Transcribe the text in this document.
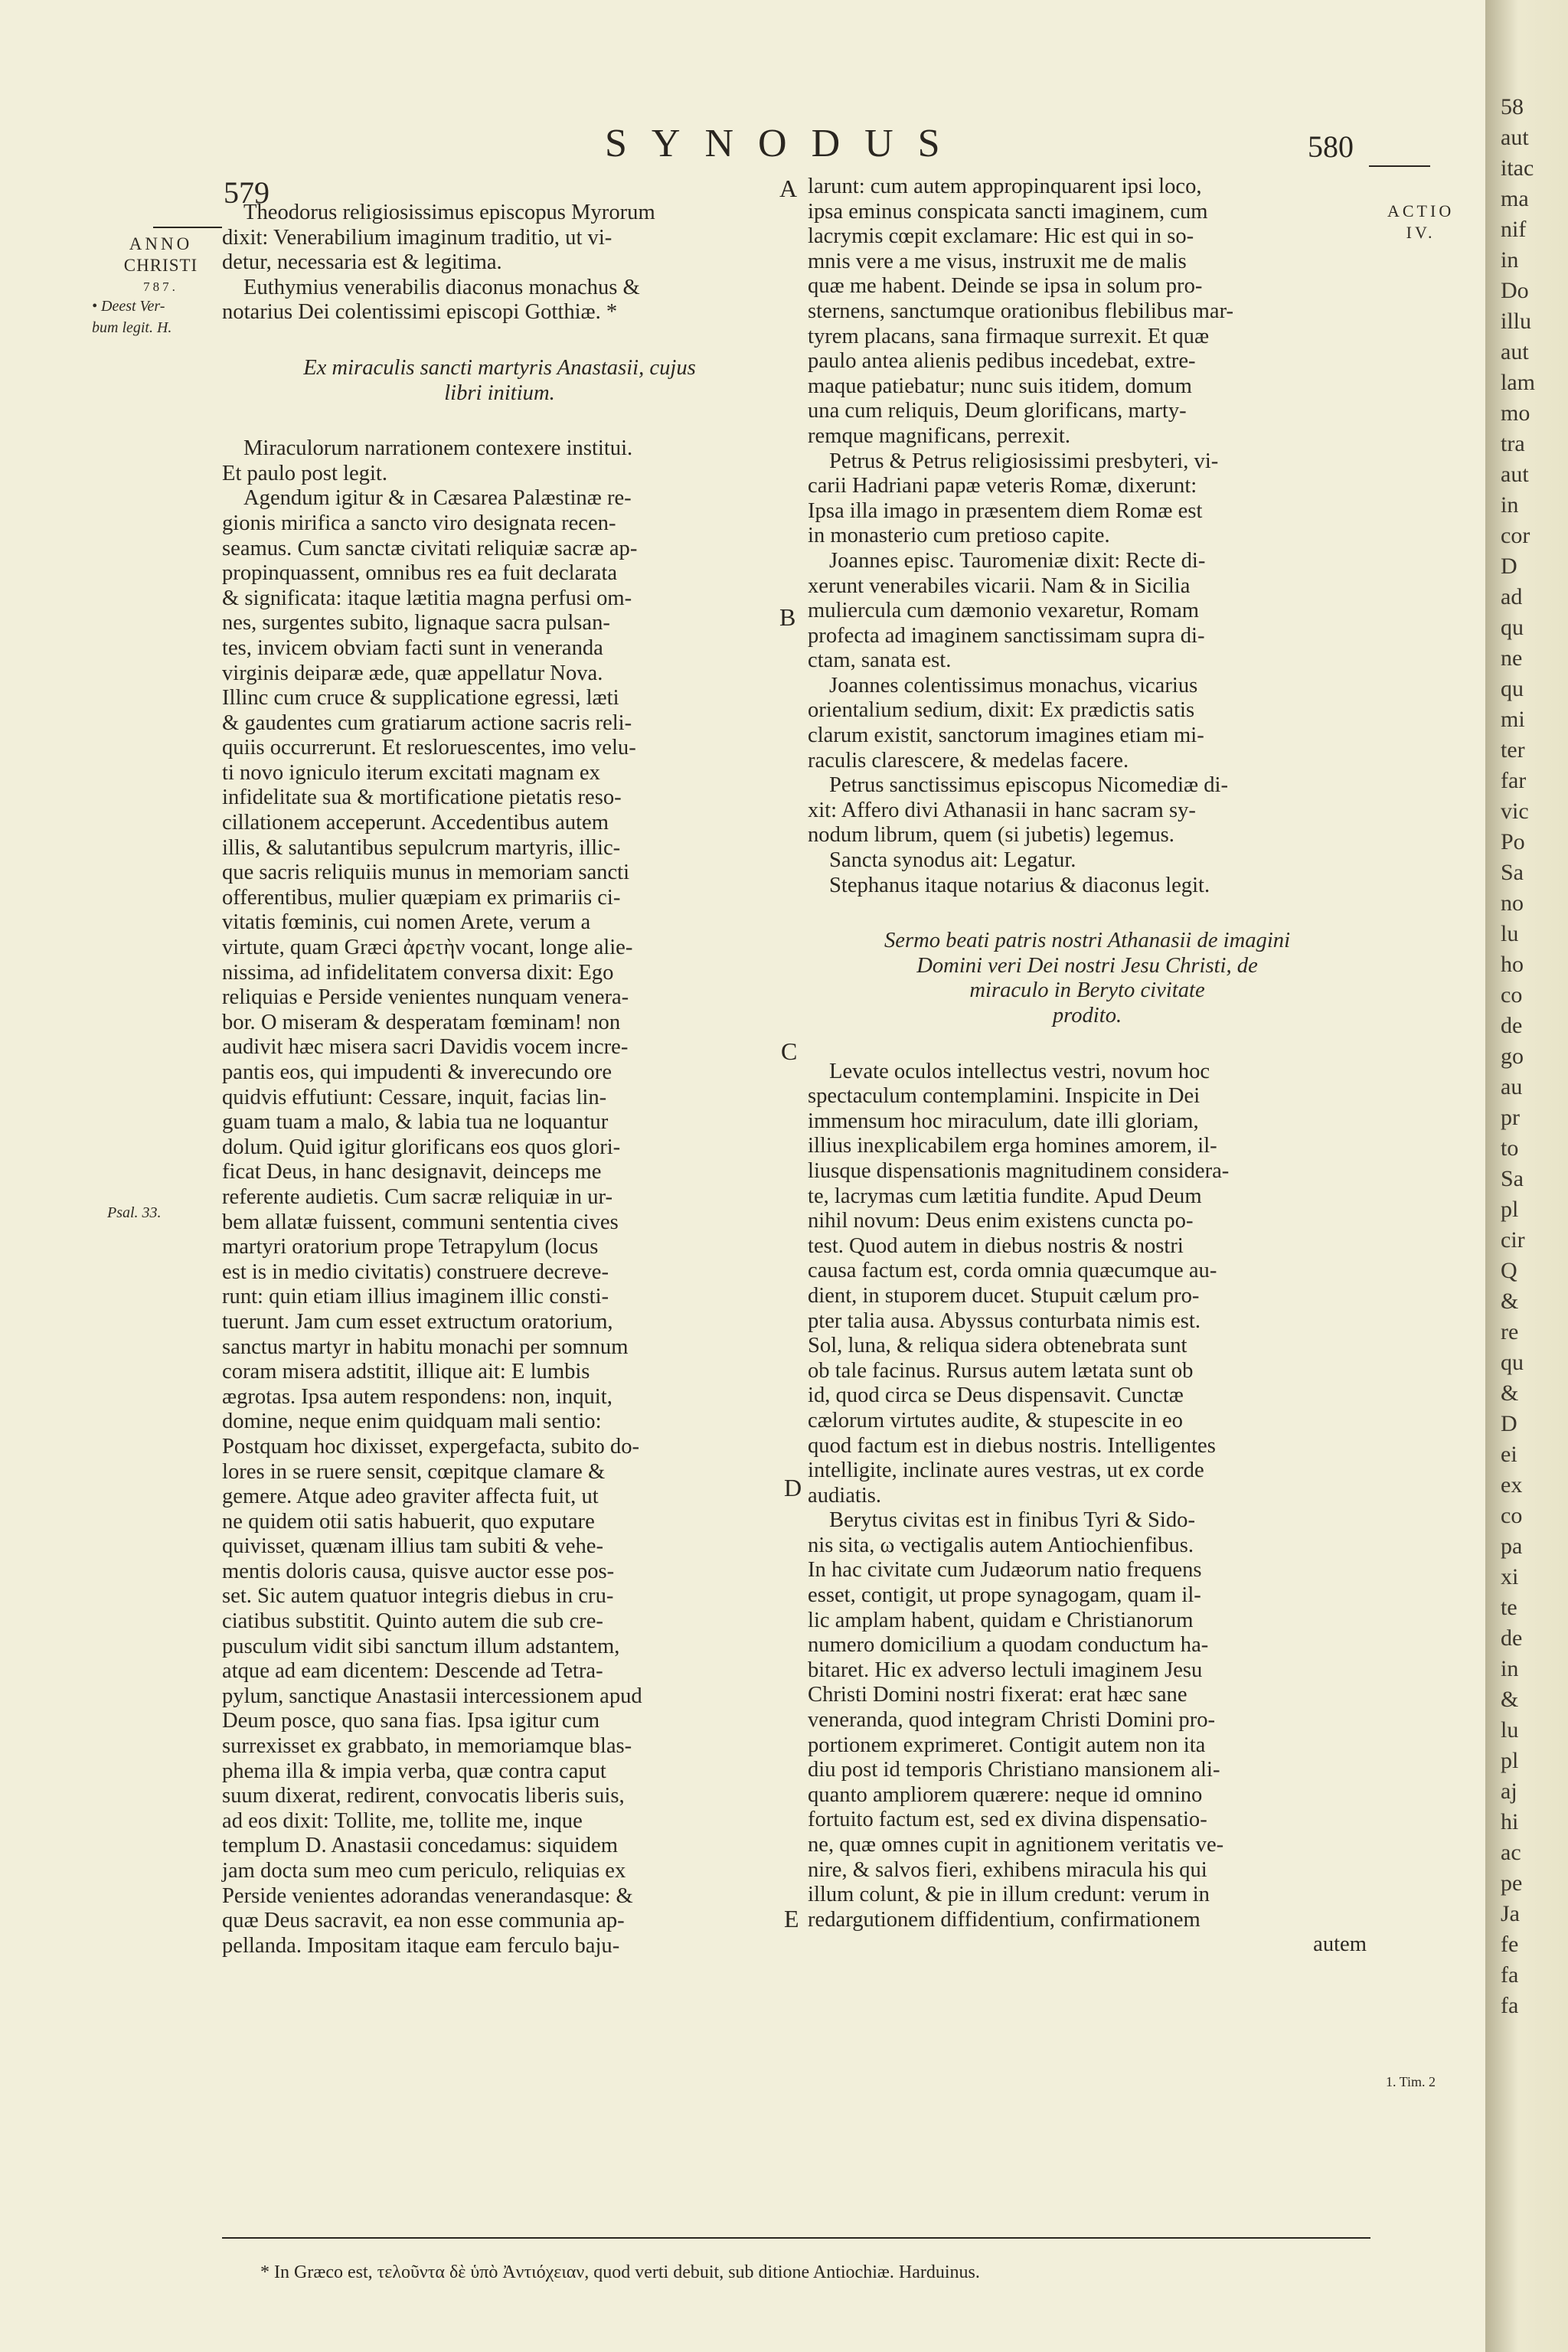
579
SYNODUS	580
ANNO
CHRISTI
787.
• Deest Ver-
bum legit. H.
Psal. 33.
ACTIO
IV.
1. Tim. 2
A
B
C
D
E

Theodorus religiosissimus episcopus Myrorum

dixit: Venerabilium imaginum traditio, ut vi-

detur, necessaria est & legitima.

Euthymius venerabilis diaconus monachus &

notarius Dei colentissimi episcopi Gotthiæ. *

Ex miraculis sancti martyris Anastasii, cujus

libri initium.

Miraculorum narrationem contexere institui.

Et paulo post legit.

Agendum igitur & in Cæsarea Palæstinæ re-

gionis mirifica a sancto viro designata recen-

seamus. Cum sanctæ civitati reliquiæ sacræ ap-

propinquassent, omnibus res ea fuit declarata

& significata: itaque lætitia magna perfusi om-

nes, surgentes subito, lignaque sacra pulsan-

tes, invicem obviam facti sunt in veneranda

virginis deiparæ æde, quæ appellatur Nova.

Illinc cum cruce & supplicatione egressi, læti

& gaudentes cum gratiarum actione sacris reli-

quiis occurrerunt. Et resloruescentes, imo velu-

ti novo igniculo iterum excitati magnam ex

infidelitate sua & mortificatione pietatis reso-

cillationem acceperunt. Accedentibus autem

illis, & salutantibus sepulcrum martyris, illic-

que sacris reliquiis munus in memoriam sancti

offerentibus, mulier quæpiam ex primariis ci-

vitatis fœminis, cui nomen Arete, verum a

virtute, quam Græci ἀρετὴν vocant, longe alie-

nissima, ad infidelitatem conversa dixit: Ego

reliquias e Perside venientes nunquam venera-

bor. O miseram & desperatam fœminam! non

audivit hæc misera sacri Davidis vocem incre-

pantis eos, qui impudenti & inverecundo ore

quidvis effutiunt: Cessare, inquit, facias lin-

guam tuam a malo, & labia tua ne loquantur

dolum. Quid igitur glorificans eos quos glori-

ficat Deus, in hanc designavit, deinceps me

referente audietis. Cum sacræ reliquiæ in ur-

bem allatæ fuissent, communi sententia cives

martyri oratorium prope Tetrapylum (locus

est is in medio civitatis) construere decreve-

runt: quin etiam illius imaginem illic consti-

tuerunt. Jam cum esset extructum oratorium,

sanctus martyr in habitu monachi per somnum

coram misera adstitit, illique ait: E lumbis

ægrotas. Ipsa autem respondens: non, inquit,

domine, neque enim quidquam mali sentio:

Postquam hoc dixisset, expergefacta, subito do-

lores in se ruere sensit, cœpitque clamare &

gemere. Atque adeo graviter affecta fuit, ut

ne quidem otii satis habuerit, quo exputare

quivisset, quænam illius tam subiti & vehe-

mentis doloris causa, quisve auctor esse pos-

set. Sic autem quatuor integris diebus in cru-

ciatibus substitit. Quinto autem die sub cre-

pusculum vidit sibi sanctum illum adstantem,

atque ad eam dicentem: Descende ad Tetra-

pylum, sanctique Anastasii intercessionem apud

Deum posce, quo sana fias. Ipsa igitur cum

surrexisset ex grabbato, in memoriamque blas-

phema illa & impia verba, quæ contra caput

suum dixerat, redirent, convocatis liberis suis,

ad eos dixit: Tollite, me, tollite me, inque

templum D. Anastasii concedamus: siquidem

jam docta sum meo cum periculo, reliquias ex

Perside venientes adorandas venerandasque: &

quæ Deus sacravit, ea non esse communia ap-

pellanda. Impositam itaque eam ferculo baju-

larunt: cum autem appropinquarent ipsi loco,

ipsa eminus conspicata sancti imaginem, cum

lacrymis cœpit exclamare: Hic est qui in so-

mnis vere a me visus, instruxit me de malis

quæ me habent. Deinde se ipsa in solum pro-

sternens, sanctumque orationibus flebilibus mar-

tyrem placans, sana firmaque surrexit. Et quæ

paulo antea alienis pedibus incedebat, extre-

maque patiebatur; nunc suis itidem, domum

una cum reliquis, Deum glorificans, marty-

remque magnificans, perrexit.

Petrus & Petrus religiosissimi presbyteri, vi-

carii Hadriani papæ veteris Romæ, dixerunt:

Ipsa illa imago in præsentem diem Romæ est

in monasterio cum pretioso capite.

Joannes episc. Tauromeniæ dixit: Recte di-

xerunt venerabiles vicarii. Nam & in Sicilia

muliercula cum dæmonio vexaretur, Romam

profecta ad imaginem sanctissimam supra di-

ctam, sanata est.

Joannes colentissimus monachus, vicarius

orientalium sedium, dixit: Ex prædictis satis

clarum existit, sanctorum imagines etiam mi-

raculis clarescere, & medelas facere.

Petrus sanctissimus episcopus Nicomediæ di-

xit: Affero divi Athanasii in hanc sacram sy-

nodum librum, quem (si jubetis) legemus.

Sancta synodus ait: Legatur.

Stephanus itaque notarius & diaconus legit.

Sermo beati patris nostri Athanasii de imagini

Domini veri Dei nostri Jesu Christi, de

miraculo in Beryto civitate

prodito.

Levate oculos intellectus vestri, novum hoc

spectaculum contemplamini. Inspicite in Dei

immensum hoc miraculum, date illi gloriam,

illius inexplicabilem erga homines amorem, il-

liusque dispensationis magnitudinem considera-

te, lacrymas cum lætitia fundite. Apud Deum

nihil novum: Deus enim existens cuncta po-

test. Quod autem in diebus nostris & nostri

causa factum est, corda omnia quæcumque au-

dient, in stuporem ducet. Stupuit cælum pro-

pter talia ausa. Abyssus conturbata nimis est.

Sol, luna, & reliqua sidera obtenebrata sunt

ob tale facinus. Rursus autem lætata sunt ob

id, quod circa se Deus dispensavit. Cunctæ

cælorum virtutes audite, & stupescite in eo

quod factum est in diebus nostris. Intelligentes

intelligite, inclinate aures vestras, ut ex corde

audiatis.

Berytus civitas est in finibus Tyri & Sido-

nis sita, ω vectigalis autem Antiochienfibus.

In hac civitate cum Judæorum natio frequens

esset, contigit, ut prope synagogam, quam il-

lic amplam habent, quidam e Christianorum

numero domicilium a quodam conductum ha-

bitaret. Hic ex adverso lectuli imaginem Jesu

Christi Domini nostri fixerat: erat hæc sane

veneranda, quod integram Christi Domini pro-

portionem exprimeret. Contigit autem non ita

diu post id temporis Christiano mansionem ali-

quanto ampliorem quærere: neque id omnino

fortuito factum est, sed ex divina dispensatio-

ne, quæ omnes cupit in agnitionem veritatis ve-

nire, & salvos fieri, exhibens miracula his qui

illum colunt, & pie in illum credunt: verum in

redargutionem diffidentium, confirmationem

autem

* In Græco est, τελοῦντα δὲ ὑπὸ Ἀντιόχειαν, quod verti debuit, sub ditione Antiochiæ. Harduinus.
58
aut
itac
ma
nif
in
Do
illu
aut
lam
mo
tra
aut
in
cor
D
ad
qu
ne
qu
mi
ter
far
vic
Po
Sa
no
lu
ho
co
de
go
au
pr
to
Sa
pl
cir
Q
&
re
qu
&
D
ei
ex
co
pa
xi
te
de
in
&
lu
pl
aj
hi
ac
pe
Ja
fe
fa
fa
